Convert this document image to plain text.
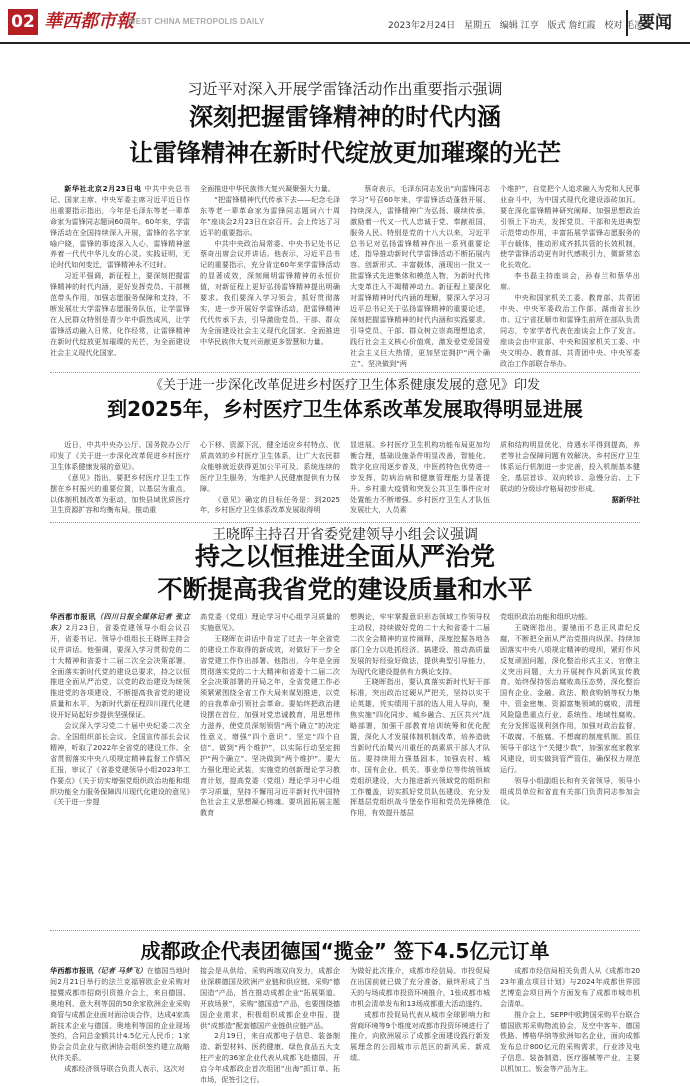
02 華西都市報
WEST CHINA METROPOLIS DAILY	2023年2月24日 星期五 编辑 江亨 版式 詹红霞 校对 毛凌波
要闻
习近平对深入开展学雷锋活动作出重要指示强调
深刻把握雷锋精神的时代内涵
让雷锋精神在新时代绽放更加璀璨的光芒

新华社北京2月23日电 中共中央总书记、国家主席、中央军委主席习近平近日作出重要指示指出，今年是毛泽东等老一辈革命家为雷锋同志题词60周年。60年来，学雷锋活动在全国持续深入开展，雷锋的名字家喻户晓，雷锋的事迹深入人心，雷锋精神滋养着一代代中华儿女的心灵。实践证明，无论时代如何变迁，雷锋精神永不过时。

习近平强调，新征程上，要深刻把握雷锋精神的时代内涵，更好发挥党员、干部模范带头作用，加强志愿服务保障和支持，不断发展壮大学雷锋志愿服务队伍，让学雷锋在人民群众特别是青少年中蔚然成风，让学雷锋活动融入日常、化作经常，让雷锋精神在新时代绽放更加璀璨的光芒，为全面建设社会主义现代化国家、

全面推进中华民族伟大复兴凝聚强大力量。

“把雷锋精神代代传承下去——纪念毛泽东等老一辈革命家为雷锋同志题词六十周年”座谈会2月23日在京召开。会上传达了习近平的重要指示。

中共中央政治局常委、中央书记处书记蔡奇出席会议并讲话。他表示，习近平总书记的重要指示，充分肯定60年来学雷锋活动的显著成效，深刻阐明雷锋精神的永恒价值，对新征程上更好弘扬雷锋精神提出明确要求。我们要深入学习领会，抓好贯彻落实，进一步开展好学雷锋活动，把雷锋精神代代传承下去，引导激励党员、干部、群众为全面建设社会主义现代化国家、全面推进中华民族伟大复兴贡献更多智慧和力量。

蔡奇表示，毛泽东同志发出“向雷锋同志学习”号召60年来，学雷锋活动蓬勃开展、持续深入，雷锋精神广为弘扬、赓续传承，激励着一代又一代人忠诚于党、奉献祖国、服务人民。特别是党的十八大以来，习近平总书记对弘扬雷锋精神作出一系列重要论述，指导推动新时代学雷锋活动不断拓展内容、创新形式、丰富载体，涌现出一批又一批雷锋式先进集体和模范人物，为新时代伟大变革注入不竭精神动力。新征程上要深化对雷锋精神时代内涵的理解，要深入学习习近平总书记关于弘扬雷锋精神的重要论述，深刻把握雷锋精神的时代内涵和实践要求，引导党员、干部、群众树立崇高理想追求，践行社会主义核心价值观，激发爱党爱国爱社会主义巨大热情，更加坚定拥护“两个确立”、坚决做到“两

个维护”，自觉把个人追求融入为党和人民事业奋斗中，为中国式现代化建设添砖加瓦。要在深化雷锋精神研究阐释、加强思想政治引领上下功夫，发挥党员、干部和先进典型示范带动作用，丰富拓展学雷锋志愿服务的平台载体，推动形成齐抓共管的长效机制，使学雷锋活动更有时代感吸引力，微新常态化长效化。

李书磊主持座谈会，孙春兰和蔡华出席。

中央和国家机关工委、教育部、共青团中央、中央军委政治工作部、湖南省长沙市、辽宁省抚顺市和雷锋生前所在部队负责同志，专家学者代表在座谈会上作了发言。座谈会由中宣部、中央和国家机关工委、中央文明办、教育部、共青团中央、中央军委政治工作部联合举办。

《关于进一步深化改革促进乡村医疗卫生体系健康发展的意见》印发
到2025年，乡村医疗卫生体系改革发展取得明显进展

近日，中共中央办公厅、国务院办公厅印发了《关于进一步深化改革促进乡村医疗卫生体系健康发展的意见》。

《意见》指出，要把乡村医疗卫生工作摆在乡村振兴的重要位置，以基层为重点，以体制机制改革为驱动，加快县域优质医疗卫生资源扩容和均衡布局，推动重

心下移、资源下沉，健全适应乡村特点、优质高效的乡村医疗卫生体系，让广大农民群众能够就近获得更加公平可及、系统连续的医疗卫生服务，为维护人民健康提供有力保障。

《意见》确定的目标任务是：到2025年，乡村医疗卫生体系改革发展取得明

显进展。乡村医疗卫生机构功能布局更加均衡合理，基础设施条件明显改善，智能化、数字化应用逐步普及，中医药特色优势进一步发挥，防病治病和健康管理能力显著提升。乡村重大疫情和突发公共卫生事件应对处置能力不断增强。乡村医疗卫生人才队伍发展壮大，人员素

质和结构明显优化，待遇水平得到提高，养老等社会保障问题有效解决。乡村医疗卫生体系运行机制进一步完善，投入机制基本健全，基层首诊、双向转诊、急慢分治、上下联动的分级诊疗格局初步形成。

据新华社
王晓晖主持召开省委党建领导小组会议强调
持之以恒推进全面从严治党
不断提高我省党的建设质量和水平

华西都市报讯（四川日报全媒体记者 张立东）2月23日，省委党建领导小组会议召开，省委书记、领导小组组长王晓晖主持会议并讲话。他强调，要深入学习贯彻党的二十大精神和省委十二届二次全会决策部署，全面落实新时代党的建设总要求，持之以恒推进全面从严治党，以党的政治建设为统领推进党的各项建设，不断提高我省党的建设质量和水平，为新时代新征程四川现代化建设开好局起好步提供坚强保证。

会议深入学习党二十届中央纪委二次全会、全国组织部长会议、全国宣传部长会议精神，听取了2022年全省党的建设工作、全省贯彻落实中央八项规定精神监督工作情况汇报，审议了《省委党建领导小组2023年工作要点》《关于切实增强党组织政治功能和组织功能全力服务保障四川现代化建设的意见》《关于进一步提

高党委（党组）理论学习中心组学习质量的实施意见》。

王晓晖在讲话中肯定了过去一年全省党的建设工作取得的新成效，对做好下一步全省党建工作作出部署。他指出，今年是全面贯彻落实党的二十大精神和省委十二届二次全会决策部署的开局之年，全省党建工作必须紧紧围绕全省工作大局来谋划推进，以党的自我革命引领社会革命。要始终把政治建设摆在首位，加强对党忠诚教育，用思想伟力滋养，使党员深刻领悟“两个确立”的决定性意义，增强“四个意识”、坚定“四个自信”、做到“两个维护”，以实际行动坚定拥护“两个确立”、坚决做到“两个维护”。要大力强化理论武装，实施党的创新理论学习教育计划，提高党委（党组）理论学习中心组学习质量，坚持不懈用习近平新时代中国特色社会主义思想凝心铸魂。要巩固拓展主题教育

想舆论，牢牢掌握意识形态领域工作领导权主动权，持续做好党的二十大和省委十二届二次全会精神的宣传阐释，深度挖掘各地各部门全力以赴抓经济、搞建设、推动高质量发展的好经验好做法，提供典型引导能力，为现代化建设提供有力舆论支持。

王晓晖指出，要认真落实新时代好干部标准，突出政治过硬从严把关，坚持以实干论英雄，凭实绩用干部的选人用人导向，聚焦实施“四化同步、城乡融合、五区共兴”战略部署，加强干部教育培训统筹和优化配置，深化人才发展体制机制改革，培养造就当新时代治蜀兴川重任的高素质干部人才队伍。要持续用力强基固本，加强农村、城市、国有企业、机关、事业单位等传统领域党组织建设，大力推进新兴领域党的组织和工作覆盖，切实抓好党员队伍建设，充分发挥基层党组织战斗堡垒作用和党员先锋模范作用，有效提升基层

党组织政治功能和组织功能。

王晓晖指出，要驰而不息正风肃纪反腐，不断把全面从严治党推向纵深。持续加固落实中央八项规定精神的堤坝，紧盯作风反复顽固问题，深化整治形式主义、官僚主义突出问题，大力开展树作风新风宣传教育。始终保持惩治腐败高压态势，深化整治国有企业、金融、政法、粮食购销等权力集中、资金密集、资源富集领域的腐败，清理风险隐患重点行业、系统性、地域性腐败。充分发挥巡视利剑作用，加强对政治监督，不敢腐、不能腐、不想腐的制度机制。抓住领导干部这个“关键少数”，加强家庭家教家风建设，切实做到管严管住，确保权力规范运行。

领导小组副组长和有关省领导，领导小组成员单位和省直有关部门负责同志参加会议。

成都政企代表团德国“揽金” 签下4.5亿元订单

华西都市报讯（记者 马梦飞）在德国当地时间2月21日举行的法兰克福蓉欧企业采购对接暨成都市招商引资推介会上，来自德国、奥地利、意大利等国的50余家欧洲企业采购商管与成都企业面对面洽谈合作，达成4家高新技术企业与德国、奥地利等国的企业现场签约，合同总金额共计4.5亿元人民币；1家协会会员企业与欧洲协会组织签约建立战略伙伴关系。

成都经济领导联合负责人表示，这次对

接会是从供给、采购两端双向发力，成都企业深耕德国及欧洲产业链和供应链，采购“德国造”产品，旨在推动成都企业“拓展渠道、开放场景”，采购“德国造”产品，也要围绕德国企业需求，积极组织成都企业申报，提供“成都造”配套德国产业链供应链产品。

2月19日，来自成都电子信息、装备制造、新型材料、医药健康、绿色食品五大支柱产业的36家企业代表从成都飞赴德国，开启今年成都政企首次组团“出海”抓订单、拓市场，促签引之行。

为做好此次推介，成都市经信局、市投促局在出国前就已做了充分准备，最终形成了当天的与场成都市投资环境推介，1张成都市城市机会清单发布和13场成都重大活动遂约。

成都市投促局代表从城市全球影响力和营商环境等9个维度对成都市投资环境进行了推介，向欧洲展示了成都全面建设践行新发展理念的公园城市示范区的新风采、新成绩。

成都市经信局相关负责人从《成都市2023年重点项目计划》与2024年成都世界园艺博览会项目两个方面发布了成都市城市机会清单。

推介会上，SEPP中欧跨国采购平台联合德国欧邦采购物流协会，及空中客车、德国铁路、博格华纳等欧洲知名企业，面向成都发布总计800亿元的采购需求，行业涉及电子信息、装备制造、医疗器械等产业，主要以机加工、钣金等产品为主。
